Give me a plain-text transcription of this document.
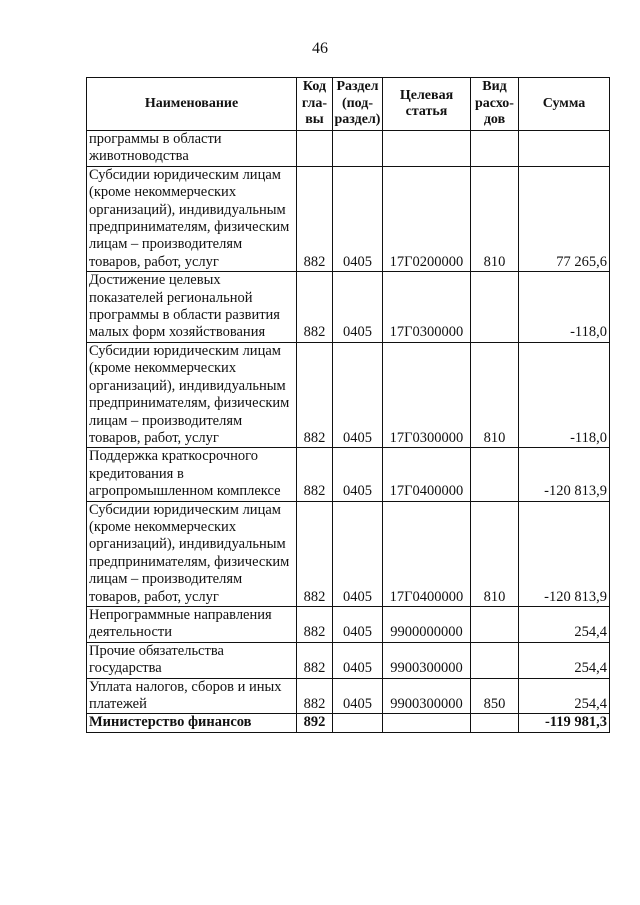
46
Наименование	Код гла- вы	Раздел (под- раздел)	Целевая статья	Вид расхо- дов	Сумма
программы в области животноводства					
Субсидии юридическим лицам (кроме некоммерческих организаций), индивидуальным предпринимателям, физическим лицам – производителям товаров, работ, услуг	882	0405	17Г0200000	810	77 265,6
Достижение целевых показателей региональной программы в области развития малых форм хозяйствования	882	0405	17Г0300000		-118,0
Субсидии юридическим лицам (кроме некоммерческих организаций), индивидуальным предпринимателям, физическим лицам – производителям товаров, работ, услуг	882	0405	17Г0300000	810	-118,0
Поддержка краткосрочного кредитования в агропромышленном комплексе	882	0405	17Г0400000		-120 813,9
Субсидии юридическим лицам (кроме некоммерческих организаций), индивидуальным предпринимателям, физическим лицам – производителям товаров, работ, услуг	882	0405	17Г0400000	810	-120 813,9
Непрограммные направления деятельности	882	0405	9900000000		254,4
Прочие обязательства государства	882	0405	9900300000		254,4
Уплата налогов, сборов и иных платежей	882	0405	9900300000	850	254,4
Министерство финансов	892				-119 981,3
